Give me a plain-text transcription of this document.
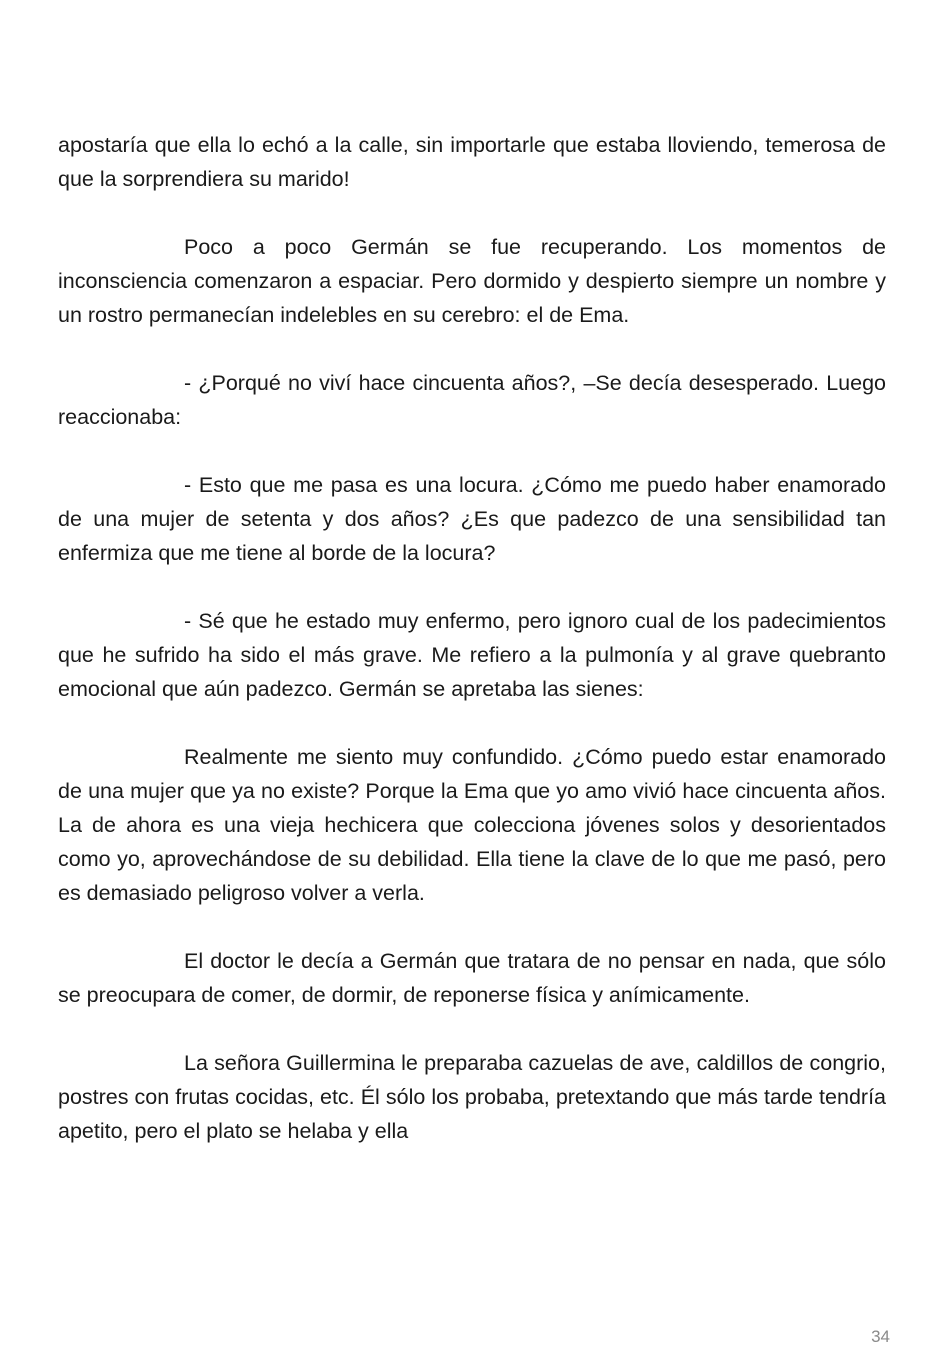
apostaría que ella lo echó a la calle, sin importarle que estaba lloviendo, temerosa de que la sorprendiera su marido!

Poco a poco Germán se fue recuperando. Los momentos de inconsciencia comenzaron a espaciar. Pero dormido y despierto siempre un nombre y un rostro permanecían indelebles en su cerebro: el de Ema.

- ¿Porqué no viví hace cincuenta años?, –Se decía desesperado. Luego reaccionaba:

- Esto que me pasa es una locura. ¿Cómo me puedo haber enamorado de una mujer de setenta y dos años? ¿Es que padezco de una sensibilidad tan enfermiza que me tiene al borde de la locura?

- Sé que he estado muy enfermo, pero ignoro cual de los padecimientos que he sufrido ha sido el más grave. Me refiero a la pulmonía y al grave quebranto emocional que aún padezco. Germán se apretaba las sienes:

Realmente me siento muy confundido. ¿Cómo puedo estar enamorado de una mujer que ya no existe? Porque la Ema que yo amo vivió hace cincuenta años. La de ahora es una vieja hechicera que colecciona jóvenes solos y desorientados como yo, aprovechándose de su debilidad. Ella tiene la clave de lo que me pasó, pero es demasiado peligroso volver a verla.

El doctor le decía a Germán que tratara de no pensar en nada, que sólo se preocupara de comer, de dormir, de reponerse física y anímicamente.

La señora Guillermina le preparaba cazuelas de ave, caldillos de congrio, postres con frutas cocidas, etc. Él sólo los probaba, pretextando que más tarde tendría apetito, pero el plato se helaba y ella

34
